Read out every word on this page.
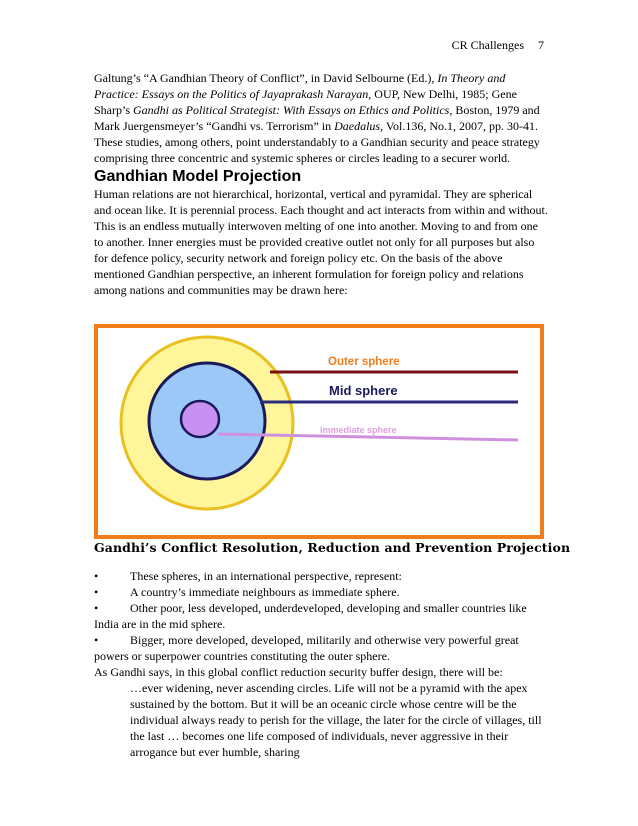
CR Challenges 7

Galtung’s “A Gandhian Theory of Conflict”, in David Selbourne (Ed.), In Theory and Practice: Essays on the Politics of Jayaprakash Narayan, OUP, New Delhi, 1985; Gene Sharp’s Gandhi as Political Strategist: With Essays on Ethics and Politics, Boston, 1979 and Mark Juergensmeyer’s “Gandhi vs. Terrorism” in Daedalus, Vol.136, No.1, 2007, pp. 30-41.

These studies, among others, point understandably to a Gandhian security and peace strategy comprising three concentric and systemic spheres or circles leading to a securer world.

Gandhian Model Projection

Human relations are not hierarchical, horizontal, vertical and pyramidal. They are spherical and ocean like. It is perennial process. Each thought and act interacts from within and without. This is an endless mutually interwoven melting of one into another. Moving to and from one to another. Inner energies must be provided creative outlet not only for all purposes but also for defence policy, security network and foreign policy etc. On the basis of the above mentioned Gandhian perspective, an inherent formulation for foreign policy and relations among nations and communities may be drawn here:

Outer sphere
Mid sphere
immediate sphere
Gandhi’s Conflict Resolution, Reduction and Prevention Projection
•	These spheres, in an international perspective, represent:
•	A country’s immediate neighbours as immediate sphere.
•	Other poor, less developed, underdeveloped, developing and smaller countries like India are in the mid sphere.
•	Bigger, more developed, developed, militarily and otherwise very powerful great powers or superpower countries constituting the outer sphere.

As Gandhi says, in this global conflict reduction security buffer design, there will be:

…ever widening, never ascending circles. Life will not be a pyramid with the apex sustained by the bottom. But it will be an oceanic circle whose centre will be the individual always ready to perish for the village, the later for the circle of villages, till the last … becomes one life composed of individuals, never aggressive in their arrogance but ever humble, sharing
